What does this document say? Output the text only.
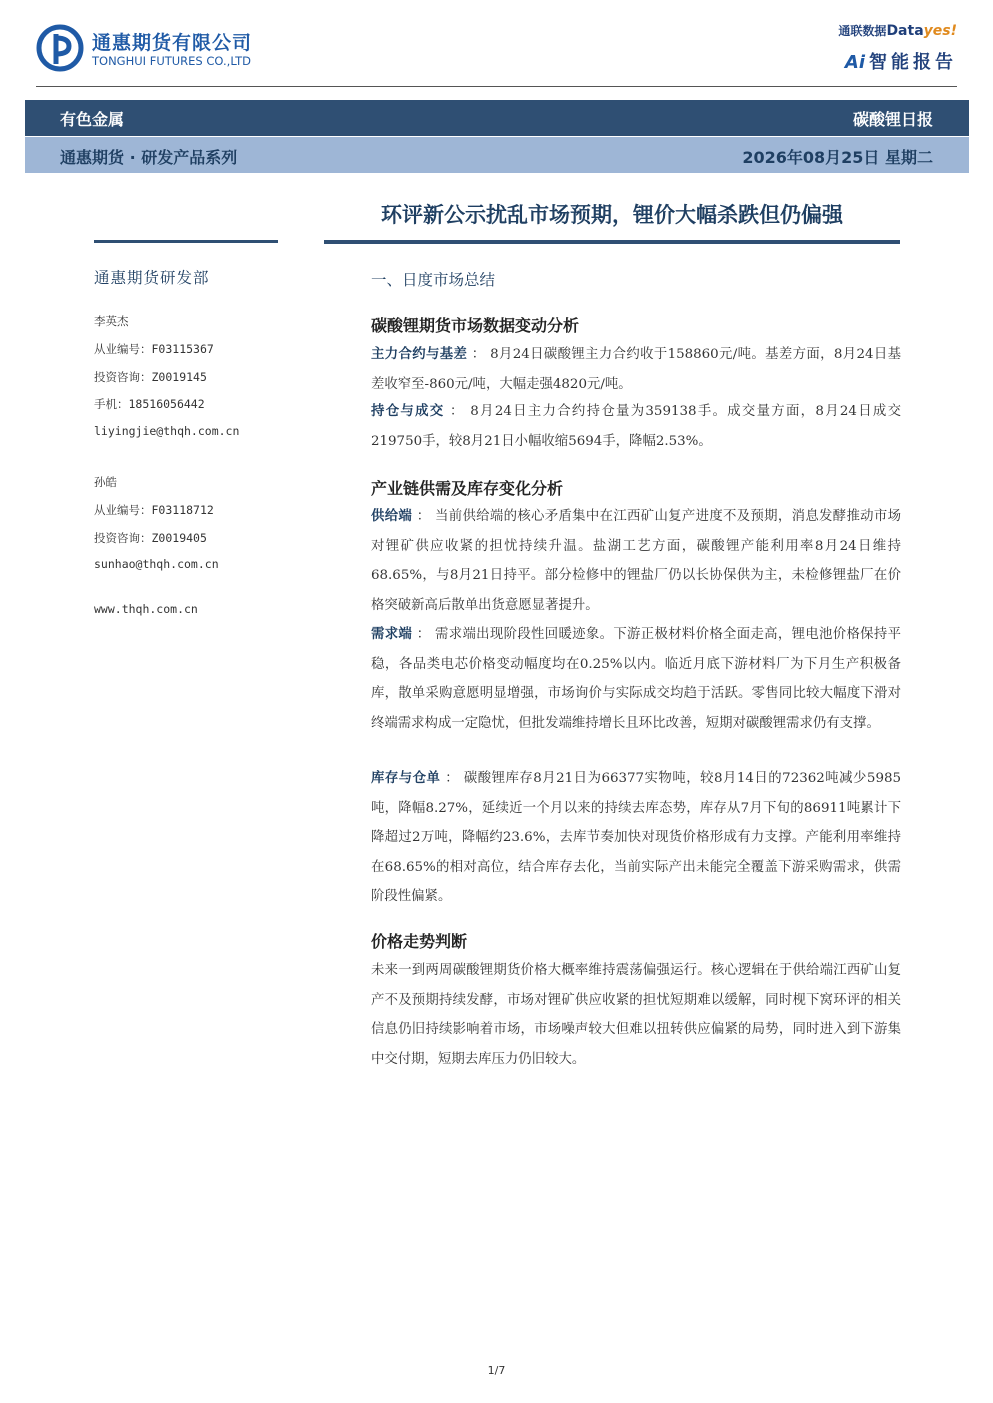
通惠期货有限公司
TONGHUI FUTURES CO.,LTD
通联数据Datayes!
Ai 智能报告
有色金属	碳酸锂日报
通惠期货 · 研发产品系列	2026年08月25日 星期二
环评新公示扰乱市场预期，锂价大幅杀跌但仍偏强
通惠期货研发部
李英杰
从业编号：F03115367
投资咨询：Z0019145
手机：18516056442
liyingjie@thqh.com.cn
孙皓
从业编号：F03118712
投资咨询：Z0019405
sunhao@thqh.com.cn
www.thqh.com.cn
一、日度市场总结
碳酸锂期货市场数据变动分析
主力合约与基差 ： 8月24日碳酸锂主力合约收于158860元/吨。基差方面，8月24日基差收窄至-860元/吨，大幅走强4820元/吨。
持仓与成交 ： 8月24日主力合约持仓量为359138手。成交量方面，8月24日成交219750手，较8月21日小幅收缩5694手，降幅2.53%。
产业链供需及库存变化分析
供给端 ： 当前供给端的核心矛盾集中在江西矿山复产进度不及预期，消息发酵推动市场对锂矿供应收紧的担忧持续升温。盐湖工艺方面，碳酸锂产能利用率8月24日维持68.65%，与8月21日持平。部分检修中的锂盐厂仍以长协保供为主，未检修锂盐厂在价格突破新高后散单出货意愿显著提升。
需求端 ： 需求端出现阶段性回暖迹象。下游正极材料价格全面走高，锂电池价格保持平稳，各品类电芯价格变动幅度均在0.25%以内。临近月底下游材料厂为下月生产积极备库，散单采购意愿明显增强，市场询价与实际成交均趋于活跃。零售同比较大幅度下滑对终端需求构成一定隐忧，但批发端维持增长且环比改善，短期对碳酸锂需求仍有支撑。
库存与仓单 ： 碳酸锂库存8月21日为66377实物吨，较8月14日的72362吨减少5985吨，降幅8.27%，延续近一个月以来的持续去库态势，库存从7月下旬的86911吨累计下降超过2万吨，降幅约23.6%，去库节奏加快对现货价格形成有力支撑。产能利用率维持在68.65%的相对高位，结合库存去化，当前实际产出未能完全覆盖下游采购需求，供需阶段性偏紧。
价格走势判断
未来一到两周碳酸锂期货价格大概率维持震荡偏强运行。核心逻辑在于供给端江西矿山复产不及预期持续发酵，市场对锂矿供应收紧的担忧短期难以缓解，同时枧下窝环评的相关信息仍旧持续影响着市场，市场噪声较大但难以扭转供应偏紧的局势，同时进入到下游集中交付期，短期去库压力仍旧较大。
1/7
